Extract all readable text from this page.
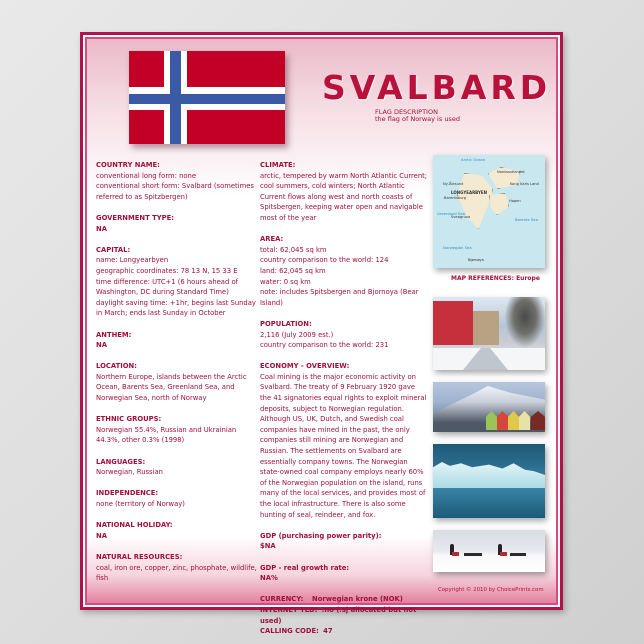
SVALBARD
FLAG DESCRIPTION
the flag of Norway is used
COUNTRY NAME:
conventional long form: none
conventional short form: Svalbard (sometimes referred to as Spitzbergen)
GOVERNMENT TYPE:
NA
CAPITAL:
name: Longyearbyen
geographic coordinates: 78 13 N, 15 33 E
time difference: UTC+1 (6 hours ahead of Washington, DC during Standard Time)
daylight saving time: +1hr, begins last Sunday in March; ends last Sunday in October
ANTHEM:
NA
LOCATION:
Northern Europe, islands between the Arctic Ocean, Barents Sea, Greenland Sea, and Norwegian Sea, north of Norway
ETHNIC GROUPS:
Norwegian 55.4%, Russian and Ukrainian 44.3%, other 0.3% (1998)
LANGUAGES:
Norwegian, Russian
INDEPENDENCE:
none (territory of Norway)
NATIONAL HOLIDAY:
NA
NATURAL RESOURCES:
coal, iron ore, copper, zinc, phosphate, wildlife, fish
CLIMATE:
arctic, tempered by warm North Atlantic Current; cool summers, cold winters; North Atlantic Current flows along west and north coasts of Spitsbergen, keeping water open and navigable most of the year
AREA:
total: 62,045 sq km
country comparison to the world: 124
land: 62,045 sq km
water: 0 sq km
note: includes Spitsbergen and Bjornoya (Bear Island)
POPULATION:
2,116 (July 2009 est.)
country comparison to the world: 231
ECONOMY - OVERVIEW:
Coal mining is the major economic activity on Svalbard. The treaty of 9 February 1920 gave the 41 signatories equal rights to exploit mineral deposits, subject to Norwegian regulation. Although US, UK, Dutch, and Swedish coal companies have mined in the past, the only companies still mining are Norwegian and Russian. The settlements on Svalbard are essentially company towns. The Norwegian state-owned coal company employs nearly 60% of the Norwegian population on the island, runs many of the local services, and provides most of the local infrastructure. There is also some hunting of seal, reindeer, and fox.
GDP (purchasing power parity):
$NA
GDP - real growth rate:
NA%
CURRENCY: Norwegian krone (NOK)
INTERNET TLD: .no (.sj allocated but not used)
CALLING CODE: 47
Arctic Ocean
LONGYEARBYEN
Ny-Ålesund
Barentsburg
Nordaustlandet
Kong Karls Land
Hopen
Sveagruva
Bjørnøya
Greenland Sea
Barents Sea
Norwegian Sea
MAP REFERENCES: Europe
Copyright © 2010 by ChoicePrints.com
